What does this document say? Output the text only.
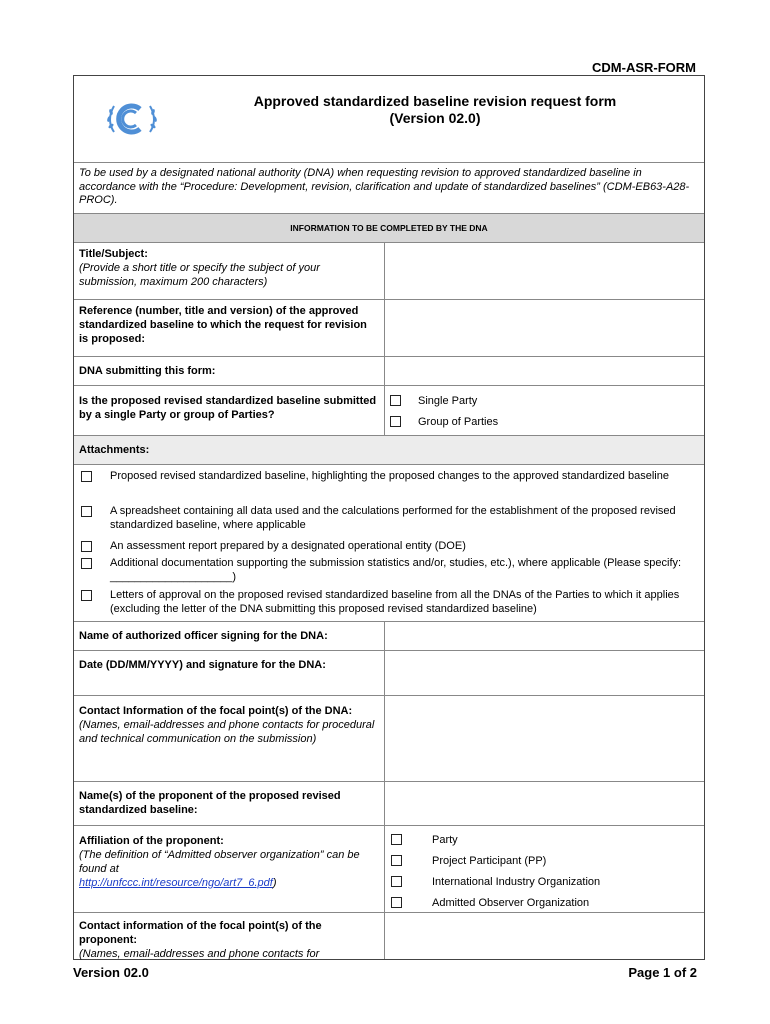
CDM-ASR-FORM
Approved standardized baseline revision request form
(Version 02.0)
To be used by a designated national authority (DNA) when requesting revision to approved standardized baseline in accordance with the “Procedure: Development, revision, clarification and update of standardized baselines” (CDM-EB63-A28-PROC).
INFORMATION TO BE COMPLETED BY THE DNA
Title/Subject:
(Provide a short title or specify the subject of your submission, maximum 200 characters)
Reference (number, title and version) of the approved standardized baseline to which the request for revision is proposed:
DNA submitting this form:
Is the proposed revised standardized baseline submitted by a single Party or group of Parties?
Single Party
Group of Parties
Attachments:
Proposed revised standardized baseline, highlighting the proposed changes to the approved standardized baseline
A spreadsheet containing all data used and the calculations performed for the establishment of the proposed revised standardized baseline, where applicable
An assessment report prepared by a designated operational entity (DOE)
Additional documentation supporting the submission statistics and/or, studies, etc.), where applicable (Please specify: ____________________)
Letters of approval on the proposed revised standardized baseline from all the DNAs of the Parties to which it applies (excluding the letter of the DNA submitting this proposed revised standardized baseline)
Name of authorized officer signing for the DNA:
Date (DD/MM/YYYY) and signature for the DNA:
Contact Information of the focal point(s) of the DNA:
(Names, email-addresses and phone contacts for procedural and technical communication on the submission)
Name(s) of the proponent of the proposed revised standardized baseline:
Affiliation of the proponent:
(The definition of “Admitted observer organization” can be found at
http://unfccc.int/resource/ngo/art7_6.pdf)
Party
Project Participant (PP)
International Industry Organization
Admitted Observer Organization
Contact information of the focal point(s) of the proponent:
(Names, email-addresses and phone contacts for
Version 02.0	Page 1 of 2
